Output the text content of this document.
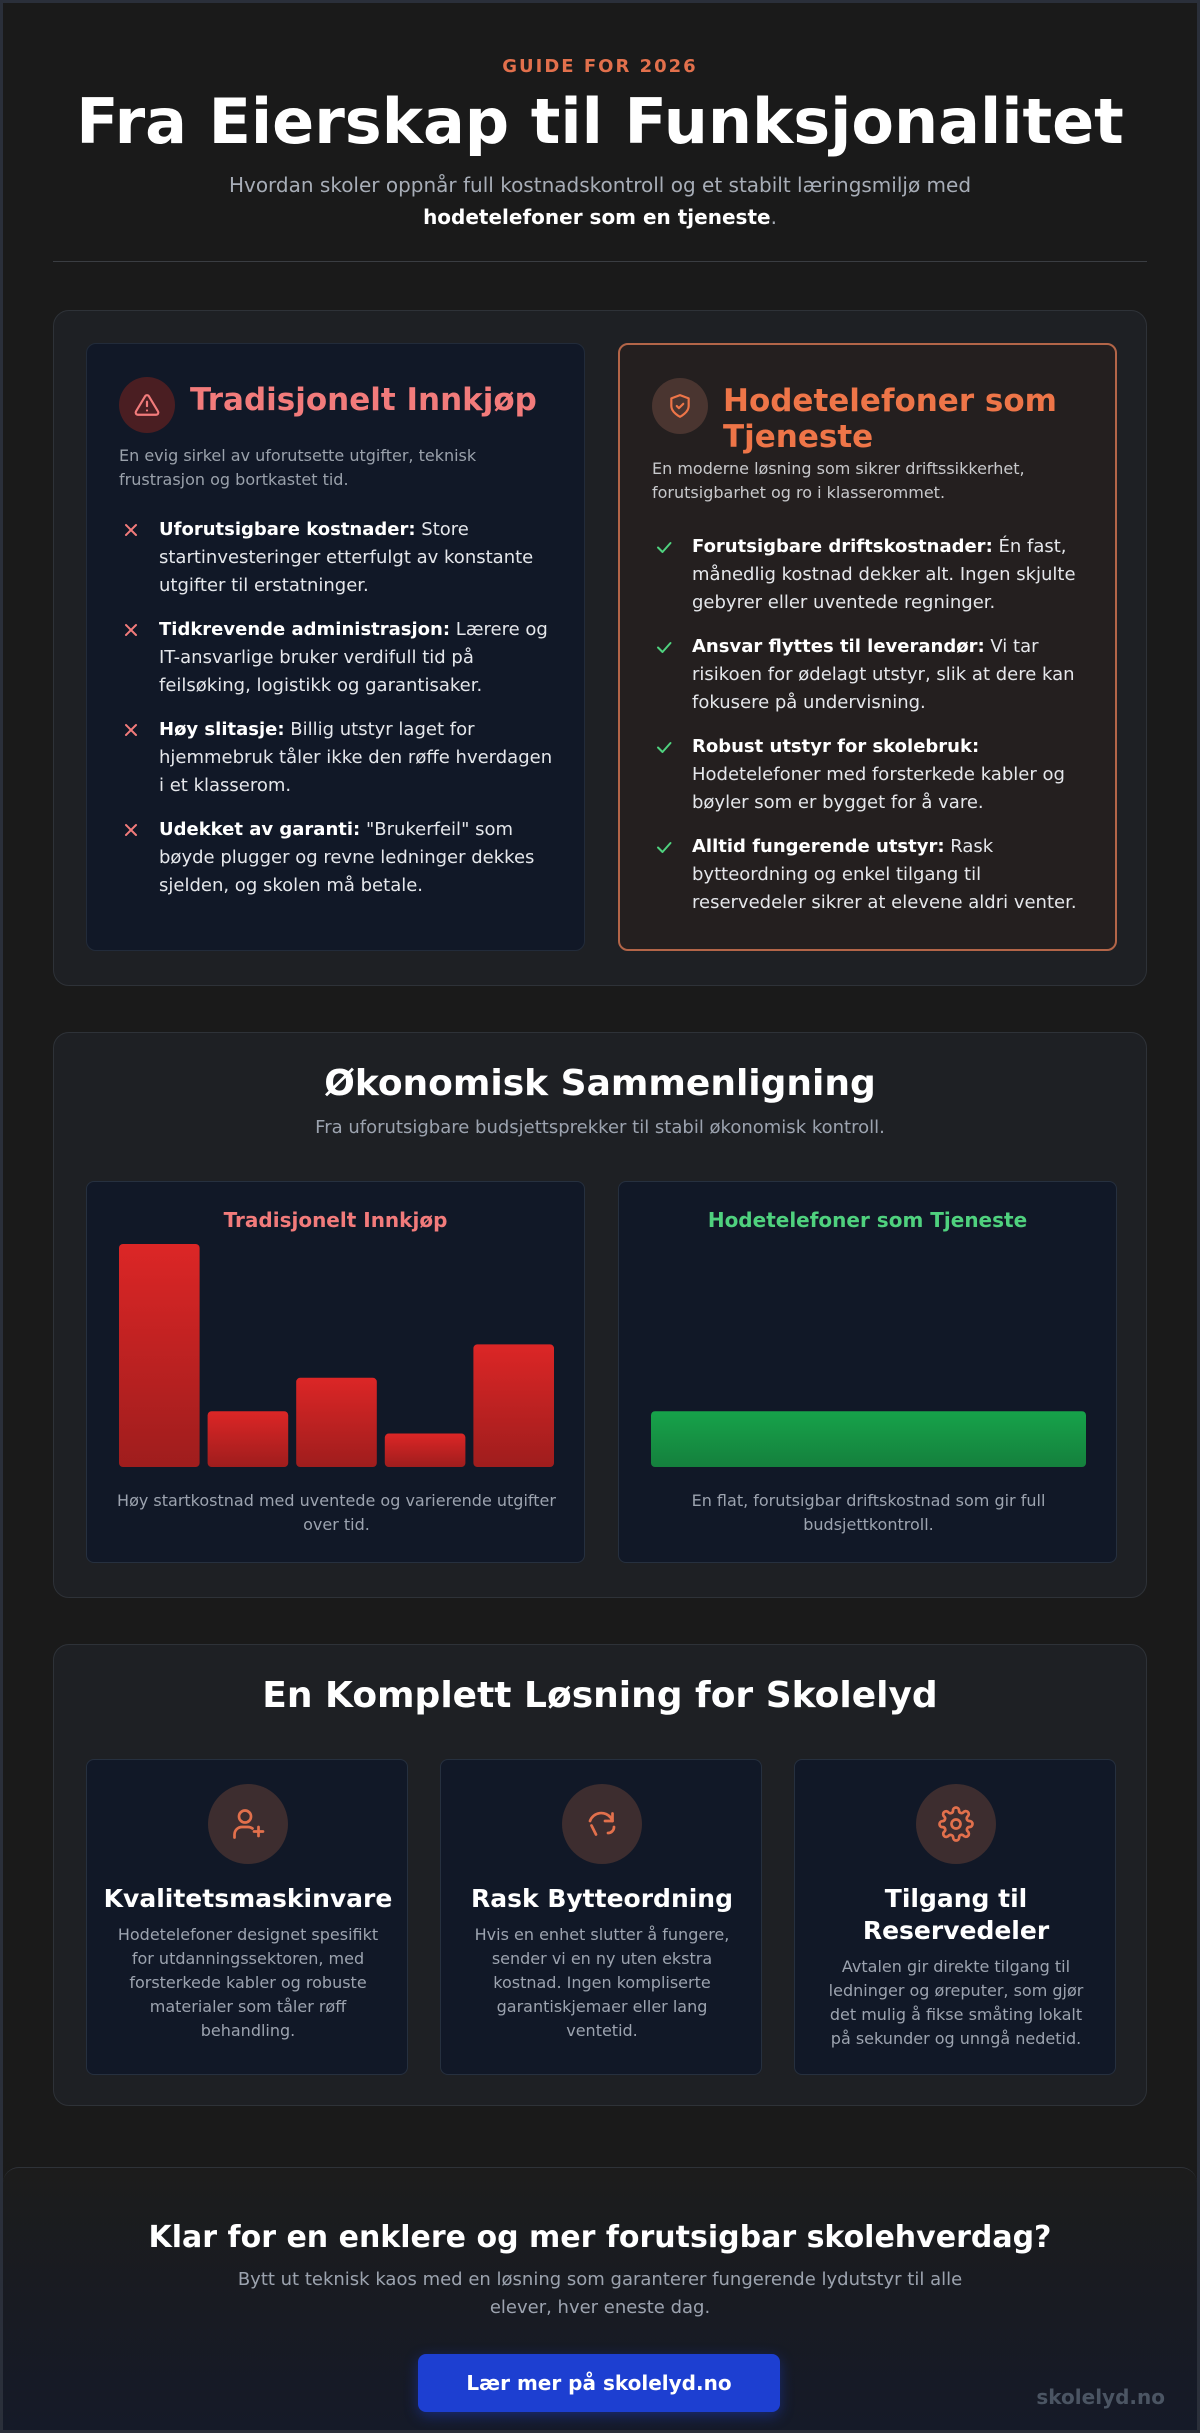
GUIDE FOR 2026
Fra Eierskap til Funksjonalitet

Hvordan skoler oppnår full kostnadskontroll og et stabilt læringsmiljø med hodetelefoner som en tjeneste.

Tradisjonelt Innkjøp

En evig sirkel av uforutsette utgifter, teknisk frustrasjon og bortkastet tid.

Uforutsigbare kostnader: Store startinvesteringer etterfulgt av konstante utgifter til erstatninger.
Tidkrevende administrasjon: Lærere og IT-ansvarlige bruker verdifull tid på feilsøking, logistikk og garantisaker.
Høy slitasje: Billig utstyr laget for hjemmebruk tåler ikke den røffe hverdagen i et klasserom.
Udekket av garanti: "Brukerfeil" som bøyde plugger og revne ledninger dekkes sjelden, og skolen må betale.
Hodetelefoner som Tjeneste

En moderne løsning som sikrer driftssikkerhet, forutsigbarhet og ro i klasserommet.

Forutsigbare driftskostnader: Én fast, månedlig kostnad dekker alt. Ingen skjulte gebyrer eller uventede regninger.
Ansvar flyttes til leverandør: Vi tar risikoen for ødelagt utstyr, slik at dere kan fokusere på undervisning.
Robust utstyr for skolebruk: Hodetelefoner med forsterkede kabler og bøyler som er bygget for å vare.
Alltid fungerende utstyr: Rask bytteordning og enkel tilgang til reservedeler sikrer at elevene aldri venter.
Økonomisk Sammenligning

Fra uforutsigbare budsjettsprekker til stabil økonomisk kontroll.

Tradisjonelt Innkjøp

Høy startkostnad med uventede og varierende utgifter over tid.

Hodetelefoner som Tjeneste

En flat, forutsigbar driftskostnad som gir full budsjettkontroll.

En Komplett Løsning for Skolelyd
Kvalitetsmaskinvare

Hodetelefoner designet spesifikt for utdanningssektoren, med forsterkede kabler og robuste materialer som tåler røff behandling.

Rask Bytteordning

Hvis en enhet slutter å fungere, sender vi en ny uten ekstra kostnad. Ingen kompliserte garantiskjemaer eller lang ventetid.

Tilgang til Reservedeler

Avtalen gir direkte tilgang til ledninger og øreputer, som gjør det mulig å fikse småting lokalt på sekunder og unngå nedetid.

Klar for en enklere og mer forutsigbar skolehverdag?

Bytt ut teknisk kaos med en løsning som garanterer fungerende lydutstyr til alle elever, hver eneste dag.

Lær mer på skolelyd.no
skolelyd.no
